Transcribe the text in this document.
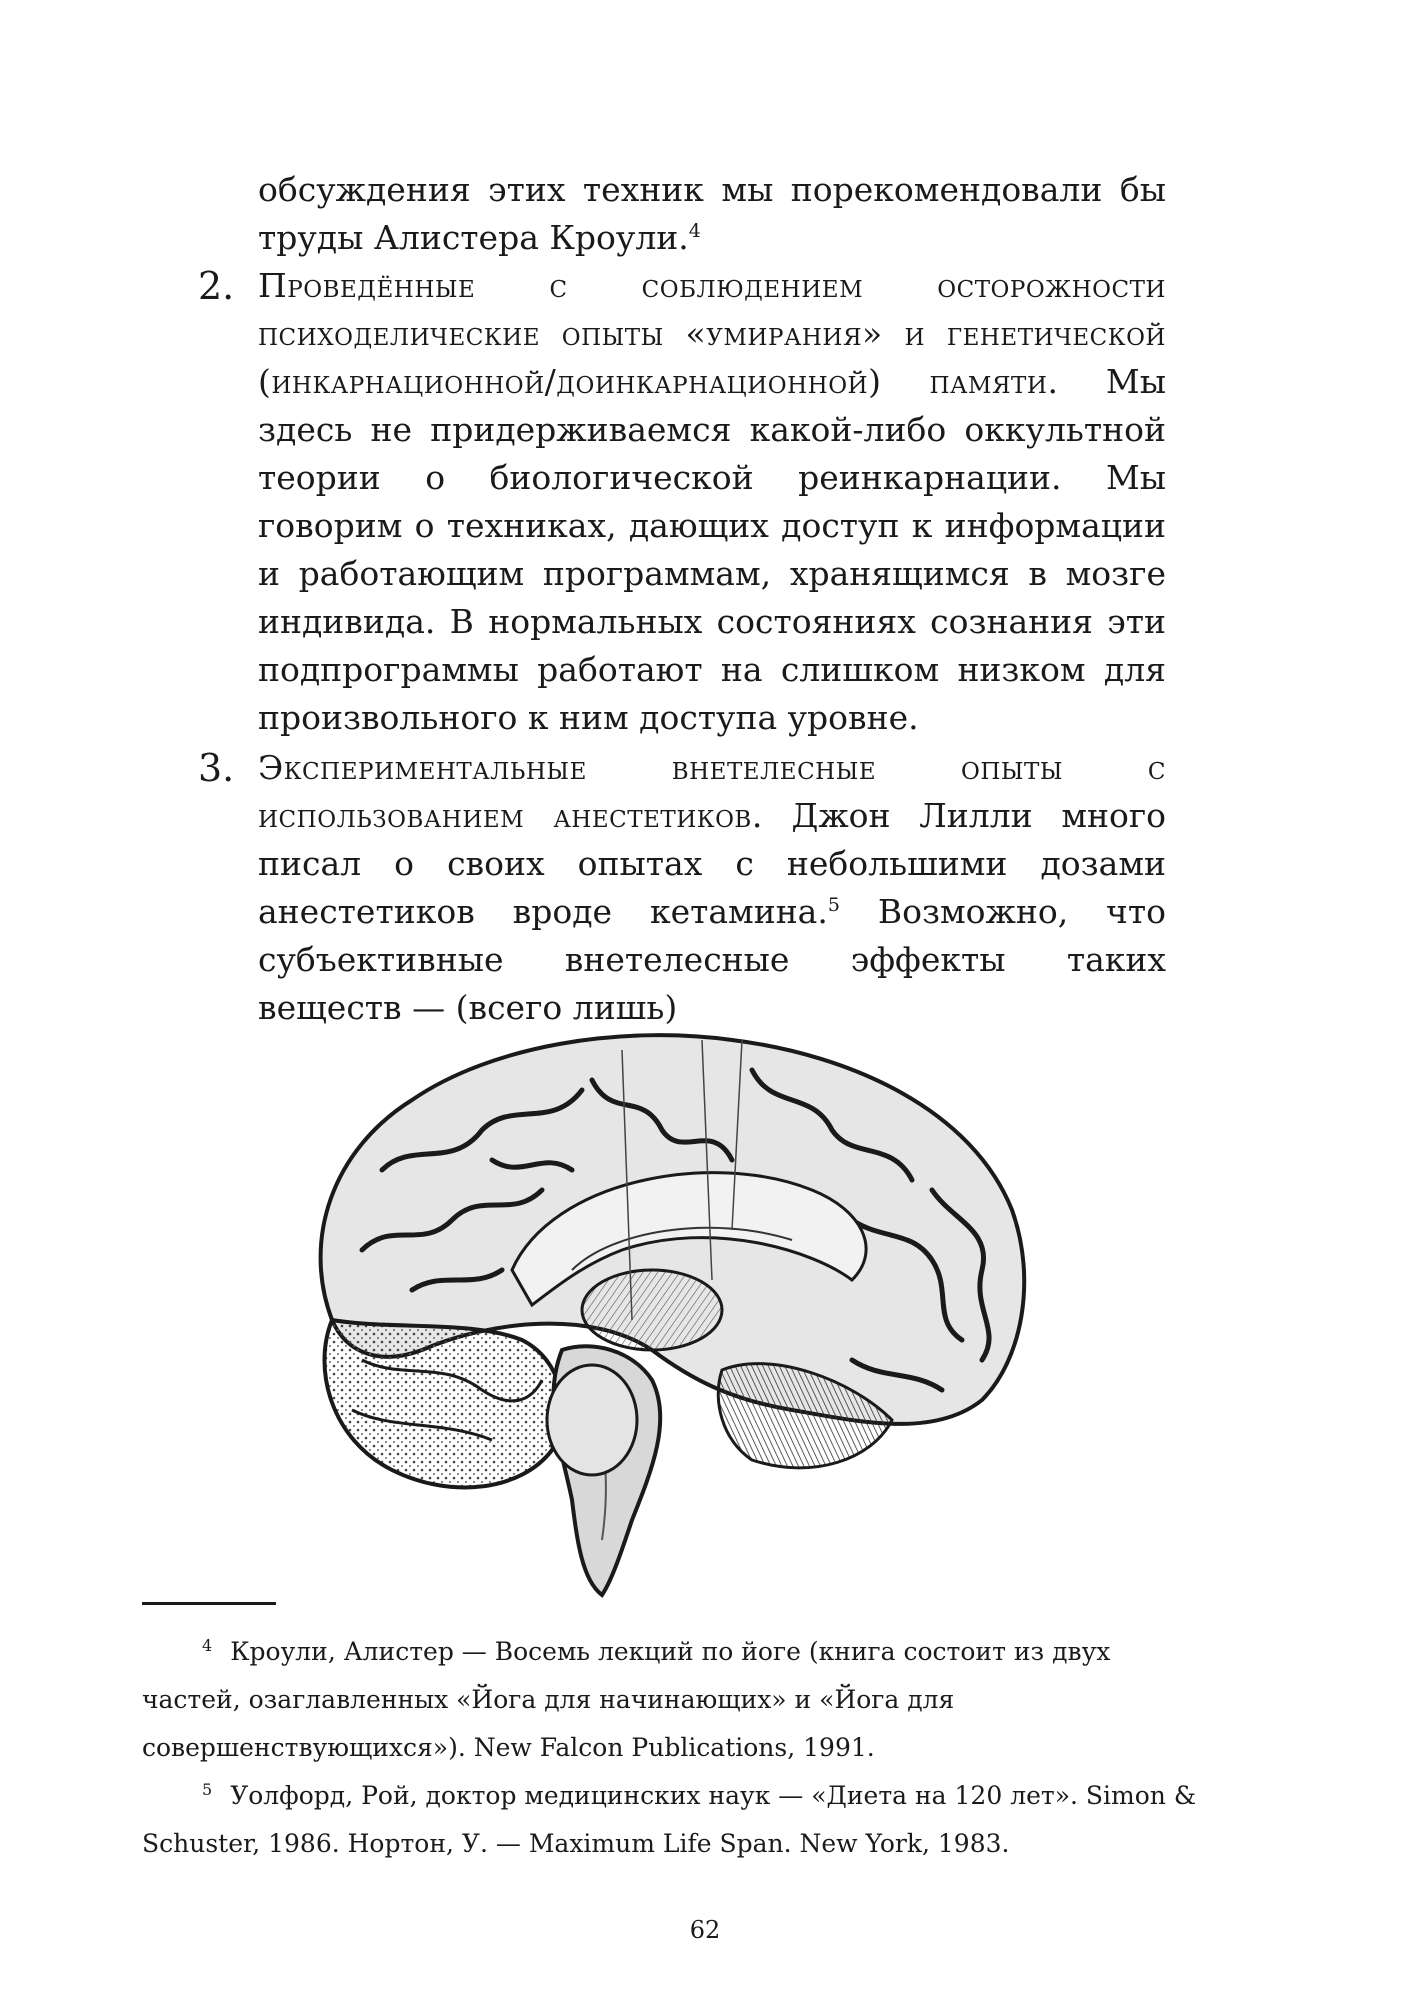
обсуждения этих техник мы порекомендовали бы труды Алистера Кроули.$^4$

2. Проведённые с соблюдением осторожности психоделические опыты «умирания» и генетической (инкарнационной/доинкарнационной) памяти. Мы здесь не придерживаемся какой-либо оккультной теории о биологической реинкарнации. Мы говорим о техниках, дающих доступ к информации и работающим программам, хранящимся в мозге индивида. В нормальных состояниях сознания эти подпрограммы работают на слишком низком для произвольного к ним доступа уровне.

3. Экспериментальные внетелесные опыты с использованием анестетиков. Джон Лилли много писал о своих опытах с небольшими дозами анестетиков вроде кетамина.$^5$ Возможно, что субъективные внетелесные эффекты таких веществ — (всего лишь)

$^4$ Кроули, Алистер — Восемь лекций по йоге (книга состоит из двух частей, озаглавленных «Йога для начинающих» и «Йога для совершенствующихся»). New Falcon Publications, 1991.

$^5$ Уолфорд, Рой, доктор медицинских наук — «Диета на 120 лет». Simon & Schuster, 1986. Нортон, У. — Maximum Life Span. New York, 1983.

62
